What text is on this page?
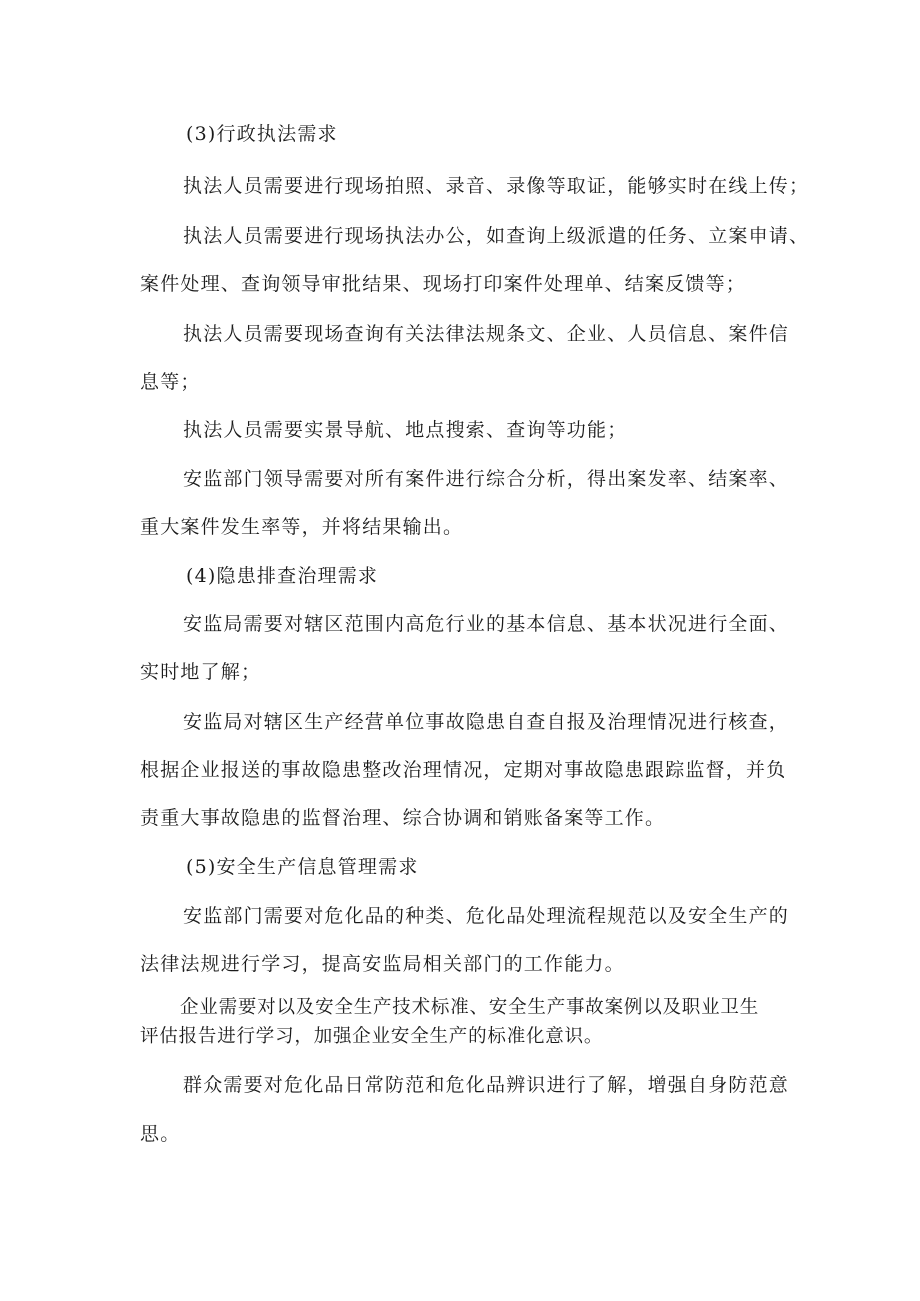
(3)行政执法需求
执法人员需要进行现场拍照、录音、录像等取证，能够实时在线上传；
执法人员需要进行现场执法办公，如查询上级派遣的任务、立案申请、
案件处理、查询领导审批结果、现场打印案件处理单、结案反馈等；
执法人员需要现场查询有关法律法规条文、企业、人员信息、案件信
息等；
执法人员需要实景导航、地点搜索、查询等功能；
安监部门领导需要对所有案件进行综合分析，得出案发率、结案率、
重大案件发生率等，并将结果输出。
(4)隐患排查治理需求
安监局需要对辖区范围内高危行业的基本信息、基本状况进行全面、
实时地了解；
安监局对辖区生产经营单位事故隐患自查自报及治理情况进行核查，
根据企业报送的事故隐患整改治理情况，定期对事故隐患跟踪监督，并负
责重大事故隐患的监督治理、综合协调和销账备案等工作。
(5)安全生产信息管理需求
安监部门需要对危化品的种类、危化品处理流程规范以及安全生产的
法律法规进行学习，提高安监局相关部门的工作能力。
企业需要对以及安全生产技术标准、安全生产事故案例以及职业卫生
评估报告进行学习，加强企业安全生产的标准化意识。
群众需要对危化品日常防范和危化品辨识进行了解，增强自身防范意
思。
